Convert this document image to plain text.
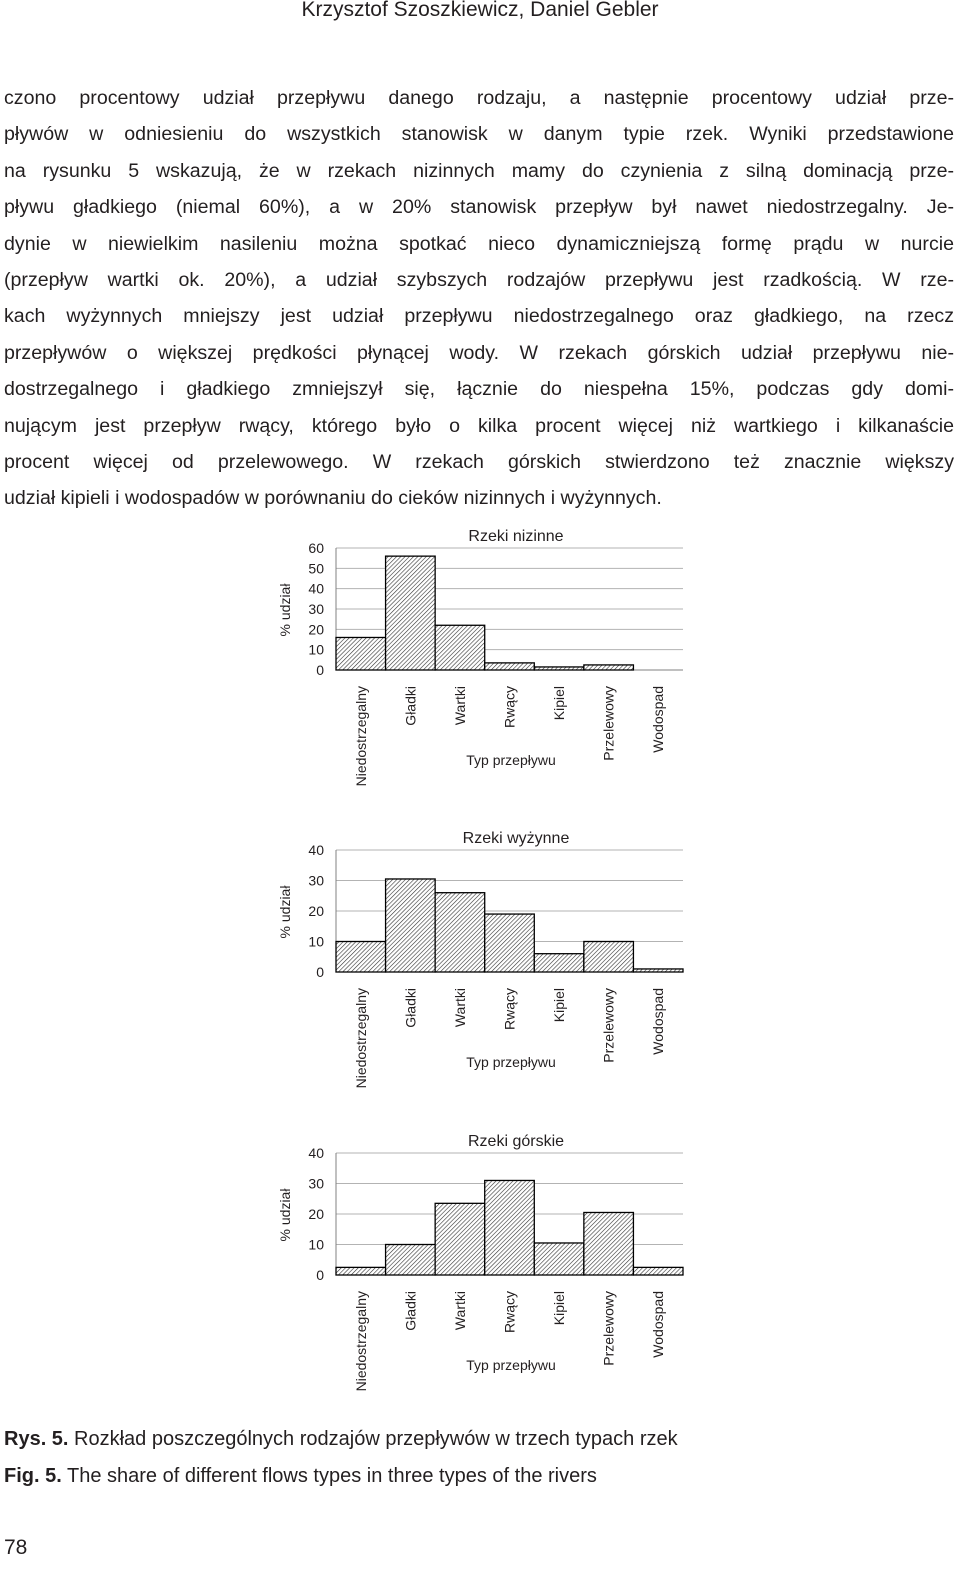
Krzysztof Szoszkiewicz, Daniel Gebler
czono procentowy udział przepływu danego rodzaju, a następnie procentowy udział prze-
pływów w odniesieniu do wszystkich stanowisk w danym typie rzek. Wyniki przedstawione
na rysunku 5 wskazują, że w rzekach nizinnych mamy do czynienia z silną dominacją prze-
pływu gładkiego (niemal 60%), a w 20% stanowisk przepływ był nawet niedostrzegalny. Je-
dynie w niewielkim nasileniu można spotkać nieco dynamiczniejszą formę prądu w nurcie
(przepływ wartki ok. 20%), a udział szybszych rodzajów przepływu jest rzadkością. W rze-
kach wyżynnych mniejszy jest udział przepływu niedostrzegalnego oraz gładkiego, na rzecz
przepływów o większej prędkości płynącej wody. W rzekach górskich udział przepływu nie-
dostrzegalnego i gładkiego zmniejszył się, łącznie do niespełna 15%, podczas gdy domi-
nującym jest przepływ rwący, którego było o kilka procent więcej niż wartkiego i kilkanaście
procent więcej od przelewowego. W rzekach górskich stwierdzono też znacznie większy
udział kipieli i wodospadów w porównaniu do cieków nizinnych i wyżynnych.
0
10
20
30
40
50
60
Niedostrzegalny Gładki Wartki Rwący Kipiel Przelewowy Wodospad
Rzeki nizinne
Typ przepływu
% udział
0
10
20
30
40
Niedostrzegalny Gładki Wartki Rwący Kipiel Przelewowy Wodospad
Rzeki wyżynne
Typ przepływu
% udział
0
10
20
30
40
Niedostrzegalny Gładki Wartki Rwący Kipiel Przelewowy Wodospad
Rzeki górskie
Typ przepływu
% udział
Rys. 5. Rozkład poszczególnych rodzajów przepływów w trzech typach rzek
Fig. 5. The share of different flows types in three types of the rivers
78
